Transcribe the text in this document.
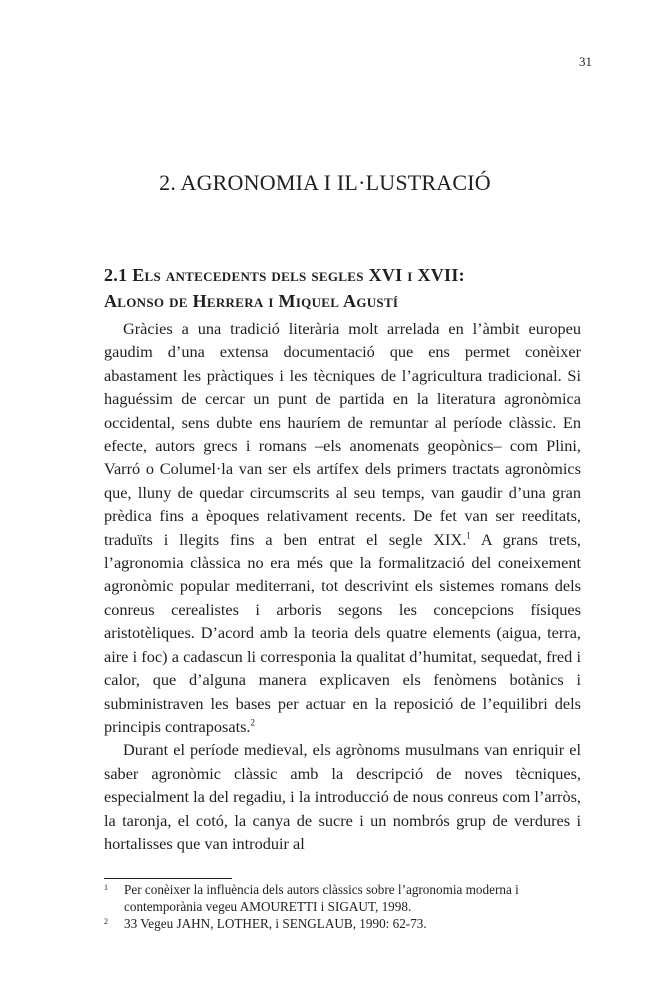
31
2. AGRONOMIA I IL·LUSTRACIÓ
2.1 Els antecedents dels segles XVI i XVII:
Alonso de Herrera i Miquel Agustí

Gràcies a una tradició literària molt arrelada en l’àmbit europeu gaudim d’una extensa documentació que ens permet conèixer abastament les pràctiques i les tècniques de l’agricultura tradicional. Si haguéssim de cercar un punt de partida en la literatura agronòmica occidental, sens dubte ens hauríem de remuntar al període clàssic. En efecte, autors grecs i romans –els anomenats geopònics– com Plini, Varró o Columel·la van ser els artífex dels primers tractats agronòmics que, lluny de quedar circumscrits al seu temps, van gaudir d’una gran prèdica fins a èpoques relativament recents. De fet van ser reeditats, traduïts i llegits fins a ben entrat el segle XIX.$^1$ A grans trets, l’agronomia clàssica no era més que la formalització del coneixement agronòmic popular mediterrani, tot descrivint els sistemes romans dels conreus cerealistes i arboris segons les concepcions físiques aristotèliques. D’acord amb la teoria dels quatre elements (aigua, terra, aire i foc) a cadascun li corresponia la qualitat d’humitat, sequedat, fred i calor, que d’alguna manera explicaven els fenòmens botànics i subministraven les bases per actuar en la reposició de l’equilibri dels principis contraposats.$^2$

Durant el període medieval, els agrònoms musulmans van enriquir el saber agronòmic clàssic amb la descripció de noves tècniques, especialment la del regadiu, i la introducció de nous conreus com l’arròs, la taronja, el cotó, la canya de sucre i un nombrós grup de verdures i hortalisses que van introduir al

1	Per conèixer la influència dels autors clàssics sobre l’agronomia moderna i contemporània vegeu AMOURETTI i SIGAUT, 1998.
2	33 Vegeu JAHN, LOTHER, i SENGLAUB, 1990: 62-73.
